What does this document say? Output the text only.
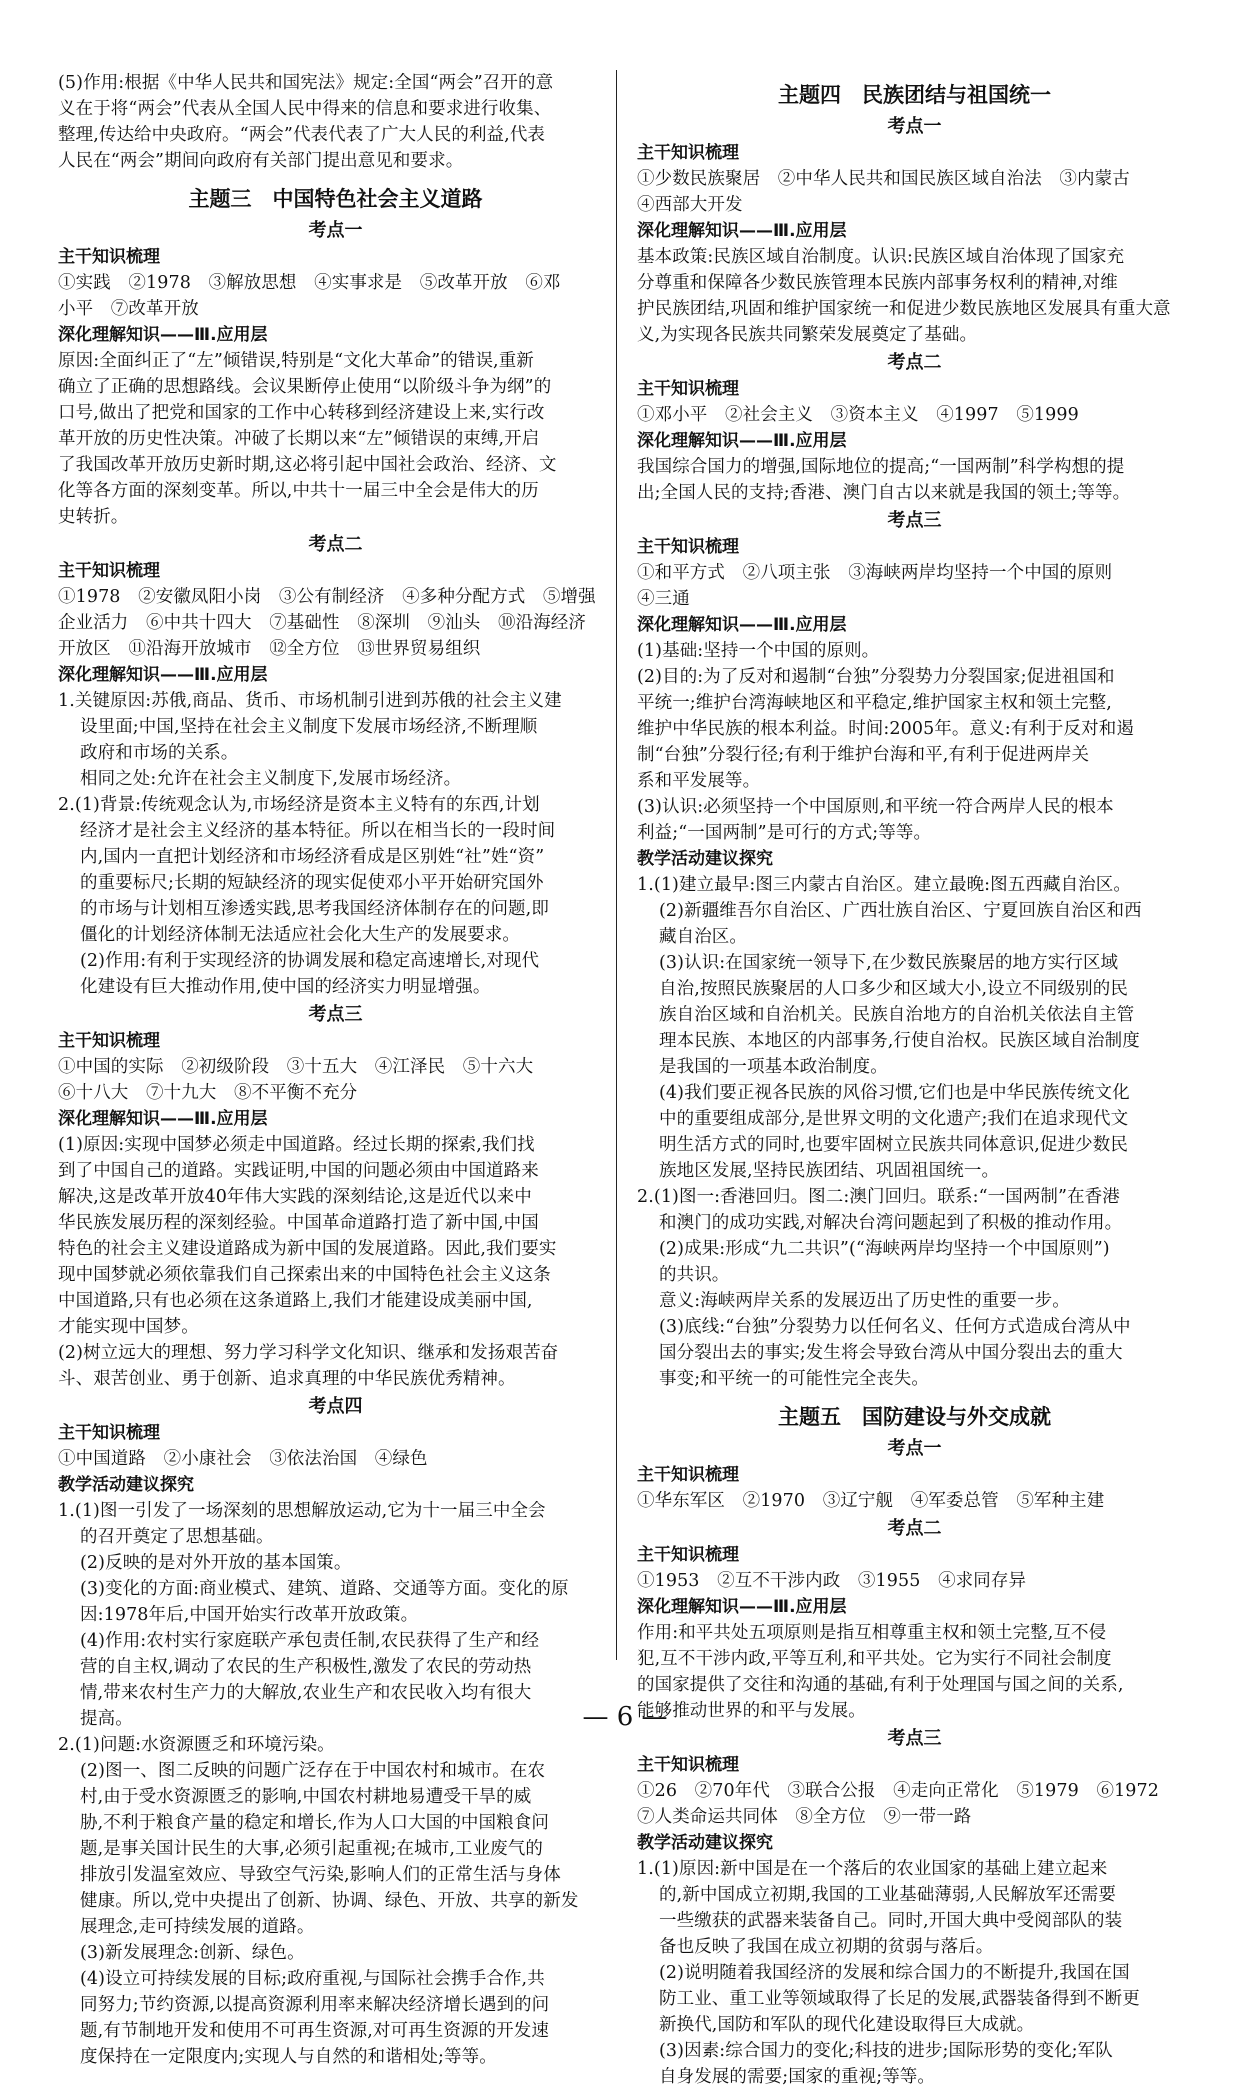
(5)作用:根据《中华人民共和国宪法》规定:全国“两会”召开的意
义在于将“两会”代表从全国人民中得来的信息和要求进行收集、
整理,传达给中央政府。“两会”代表代表了广大人民的利益,代表
人民在“两会”期间向政府有关部门提出意见和要求。
主题三　中国特色社会主义道路
考点一
主干知识梳理
①实践　②1978　③解放思想　④实事求是　⑤改革开放　⑥邓
小平　⑦改革开放
深化理解知识——Ⅲ.应用层
原因:全面纠正了“左”倾错误,特别是“文化大革命”的错误,重新
确立了正确的思想路线。会议果断停止使用“以阶级斗争为纲”的
口号,做出了把党和国家的工作中心转移到经济建设上来,实行改
革开放的历史性决策。冲破了长期以来“左”倾错误的束缚,开启
了我国改革开放历史新时期,这必将引起中国社会政治、经济、文
化等各方面的深刻变革。所以,中共十一届三中全会是伟大的历
史转折。
考点二
主干知识梳理
①1978　②安徽凤阳小岗　③公有制经济　④多种分配方式　⑤增强
企业活力　⑥中共十四大　⑦基础性　⑧深圳　⑨汕头　⑩沿海经济
开放区　⑪沿海开放城市　⑫全方位　⑬世界贸易组织
深化理解知识——Ⅲ.应用层
1.关键原因:苏俄,商品、货币、市场机制引进到苏俄的社会主义建
设里面;中国,坚持在社会主义制度下发展市场经济,不断理顺
政府和市场的关系。
相同之处:允许在社会主义制度下,发展市场经济。
2.(1)背景:传统观念认为,市场经济是资本主义特有的东西,计划
经济才是社会主义经济的基本特征。所以在相当长的一段时间
内,国内一直把计划经济和市场经济看成是区别姓“社”姓“资”
的重要标尺;长期的短缺经济的现实促使邓小平开始研究国外
的市场与计划相互渗透实践,思考我国经济体制存在的问题,即
僵化的计划经济体制无法适应社会化大生产的发展要求。
(2)作用:有利于实现经济的协调发展和稳定高速增长,对现代
化建设有巨大推动作用,使中国的经济实力明显增强。
考点三
主干知识梳理
①中国的实际　②初级阶段　③十五大　④江泽民　⑤十六大
⑥十八大　⑦十九大　⑧不平衡不充分
深化理解知识——Ⅲ.应用层
(1)原因:实现中国梦必须走中国道路。经过长期的探索,我们找
到了中国自己的道路。实践证明,中国的问题必须由中国道路来
解决,这是改革开放40年伟大实践的深刻结论,这是近代以来中
华民族发展历程的深刻经验。中国革命道路打造了新中国,中国
特色的社会主义建设道路成为新中国的发展道路。因此,我们要实
现中国梦就必须依靠我们自己探索出来的中国特色社会主义这条
中国道路,只有也必须在这条道路上,我们才能建设成美丽中国,
才能实现中国梦。
(2)树立远大的理想、努力学习科学文化知识、继承和发扬艰苦奋
斗、艰苦创业、勇于创新、追求真理的中华民族优秀精神。
考点四
主干知识梳理
①中国道路　②小康社会　③依法治国　④绿色
教学活动建议探究
1.(1)图一引发了一场深刻的思想解放运动,它为十一届三中全会
的召开奠定了思想基础。
(2)反映的是对外开放的基本国策。
(3)变化的方面:商业模式、建筑、道路、交通等方面。变化的原
因:1978年后,中国开始实行改革开放政策。
(4)作用:农村实行家庭联产承包责任制,农民获得了生产和经
营的自主权,调动了农民的生产积极性,激发了农民的劳动热
情,带来农村生产力的大解放,农业生产和农民收入均有很大
提高。
2.(1)问题:水资源匮乏和环境污染。
(2)图一、图二反映的问题广泛存在于中国农村和城市。在农
村,由于受水资源匮乏的影响,中国农村耕地易遭受干旱的威
胁,不利于粮食产量的稳定和增长,作为人口大国的中国粮食问
题,是事关国计民生的大事,必须引起重视;在城市,工业废气的
排放引发温室效应、导致空气污染,影响人们的正常生活与身体
健康。所以,党中央提出了创新、协调、绿色、开放、共享的新发
展理念,走可持续发展的道路。
(3)新发展理念:创新、绿色。
(4)设立可持续发展的目标;政府重视,与国际社会携手合作,共
同努力;节约资源,以提高资源利用率来解决经济增长遇到的问
题,有节制地开发和使用不可再生资源,对可再生资源的开发速
度保持在一定限度内;实现人与自然的和谐相处;等等。
主题四　民族团结与祖国统一
考点一
主干知识梳理
①少数民族聚居　②中华人民共和国民族区域自治法　③内蒙古
④西部大开发
深化理解知识——Ⅲ.应用层
基本政策:民族区域自治制度。认识:民族区域自治体现了国家充
分尊重和保障各少数民族管理本民族内部事务权利的精神,对维
护民族团结,巩固和维护国家统一和促进少数民族地区发展具有重大意
义,为实现各民族共同繁荣发展奠定了基础。
考点二
主干知识梳理
①邓小平　②社会主义　③资本主义　④1997　⑤1999
深化理解知识——Ⅲ.应用层
我国综合国力的增强,国际地位的提高;“一国两制”科学构想的提
出;全国人民的支持;香港、澳门自古以来就是我国的领土;等等。
考点三
主干知识梳理
①和平方式　②八项主张　③海峡两岸均坚持一个中国的原则
④三通
深化理解知识——Ⅲ.应用层
(1)基础:坚持一个中国的原则。
(2)目的:为了反对和遏制“台独”分裂势力分裂国家;促进祖国和
平统一;维护台湾海峡地区和平稳定,维护国家主权和领土完整,
维护中华民族的根本利益。时间:2005年。意义:有利于反对和遏
制“台独”分裂行径;有利于维护台海和平,有利于促进两岸关
系和平发展等。
(3)认识:必须坚持一个中国原则,和平统一符合两岸人民的根本
利益;“一国两制”是可行的方式;等等。
教学活动建议探究
1.(1)建立最早:图三内蒙古自治区。建立最晚:图五西藏自治区。
(2)新疆维吾尔自治区、广西壮族自治区、宁夏回族自治区和西
藏自治区。
(3)认识:在国家统一领导下,在少数民族聚居的地方实行区域
自治,按照民族聚居的人口多少和区域大小,设立不同级别的民
族自治区域和自治机关。民族自治地方的自治机关依法自主管
理本民族、本地区的内部事务,行使自治权。民族区域自治制度
是我国的一项基本政治制度。
(4)我们要正视各民族的风俗习惯,它们也是中华民族传统文化
中的重要组成部分,是世界文明的文化遗产;我们在追求现代文
明生活方式的同时,也要牢固树立民族共同体意识,促进少数民
族地区发展,坚持民族团结、巩固祖国统一。
2.(1)图一:香港回归。图二:澳门回归。联系:“一国两制”在香港
和澳门的成功实践,对解决台湾问题起到了积极的推动作用。
(2)成果:形成“九二共识”(“海峡两岸均坚持一个中国原则”)
的共识。
意义:海峡两岸关系的发展迈出了历史性的重要一步。
(3)底线:“台独”分裂势力以任何名义、任何方式造成台湾从中
国分裂出去的事实;发生将会导致台湾从中国分裂出去的重大
事变;和平统一的可能性完全丧失。
主题五　国防建设与外交成就
考点一
主干知识梳理
①华东军区　②1970　③辽宁舰　④军委总管　⑤军种主建
考点二
主干知识梳理
①1953　②互不干涉内政　③1955　④求同存异
深化理解知识——Ⅲ.应用层
作用:和平共处五项原则是指互相尊重主权和领土完整,互不侵
犯,互不干涉内政,平等互利,和平共处。它为实行不同社会制度
的国家提供了交往和沟通的基础,有利于处理国与国之间的关系,
能够推动世界的和平与发展。
考点三
主干知识梳理
①26　②70年代　③联合公报　④走向正常化　⑤1979　⑥1972
⑦人类命运共同体　⑧全方位　⑨一带一路
教学活动建议探究
1.(1)原因:新中国是在一个落后的农业国家的基础上建立起来
的,新中国成立初期,我国的工业基础薄弱,人民解放军还需要
一些缴获的武器来装备自己。同时,开国大典中受阅部队的装
备也反映了我国在成立初期的贫弱与落后。
(2)说明随着我国经济的发展和综合国力的不断提升,我国在国
防工业、重工业等领域取得了长足的发展,武器装备得到不断更
新换代,国防和军队的现代化建设取得巨大成就。
(3)因素:综合国力的变化;科技的进步;国际形势的变化;军队
自身发展的需要;国家的重视;等等。
— 6 —
